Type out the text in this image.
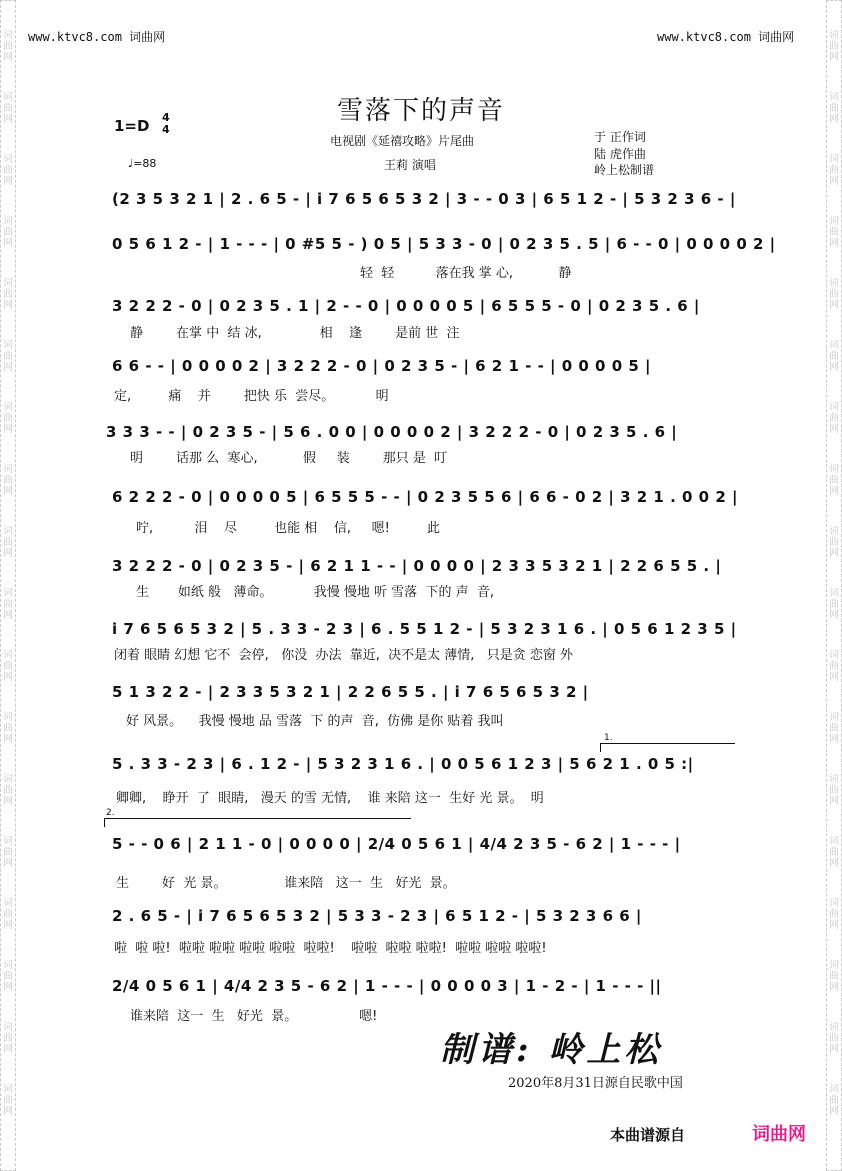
词
曲
网
词
曲
网
词
曲
网
词
曲
网
词
曲
网
词
曲
网
词
曲
网
词
曲
网
词
曲
网
词
曲
网
词
曲
网
词
曲
网
词
曲
网
词
曲
网
词
曲
网
词
曲
网
词
曲
网
词
曲
网
词
曲
网
词
曲
网
词
曲
网
词
曲
网
词
曲
网
词
曲
网
词
曲
网
词
曲
网
词
曲
网
词
曲
网
词
曲
网
词
曲
网
词
曲
网
词
曲
网
词
曲
网
词
曲
网
词
曲
网
词
曲
网
www.ktvc8.com 词曲网	www.ktvc8.com 词曲网
雪落下的声音
1=D 4
4
♩=88
电视剧《延禧攻略》片尾曲
王莉 演唱
于 正作词
陆 虎作曲
岭上松制谱
(2 3 5 3 2 1 | 2 . 6 5 - | i 7 6 5 6 5 3 2 | 3 - - 0 3 | 6 5 1 2 - | 5 3 2 3 6 - |
0 5 6 1 2 - | 1 - - - | 0 #5 5 - ) 0 5 | 5 3 3 - 0 | 0 2 3 5 . 5 | 6 - - 0 | 0 0 0 0 2 |
轻  轻          落在我 掌 心,           静
3 2 2 2 - 0 | 0 2 3 5 . 1 | 2 - - 0 | 0 0 0 0 5 | 6 5 5 5 - 0 | 0 2 3 5 . 6 |
静        在掌 中  结 冰,              相    逢        是前 世  注
6 6 - - | 0 0 0 0 2 | 3 2 2 2 - 0 | 0 2 3 5 - | 6 2 1 - - | 0 0 0 0 5 |
定,         痛    并        把快 乐  尝尽。          明
3 3 3 - - | 0 2 3 5 - | 5 6 . 0 0 | 0 0 0 0 2 | 3 2 2 2 - 0 | 0 2 3 5 . 6 |
明        话那 么  寒心,           假     装        那只 是  叮
6 2 2 2 - 0 | 0 0 0 0 5 | 6 5 5 5 - - | 0 2 3 5 5 6 | 6 6 - 0 2 | 3 2 1 . 0 0 2 |
咛,          泪    尽         也能 相    信,     嗯!         此
3 2 2 2 - 0 | 0 2 3 5 - | 6 2 1 1 - - | 0 0 0 0 | 2 3 3 5 3 2 1 | 2 2 6 5 5 . |
生       如纸 般   薄命。          我慢 慢地 听 雪落  下的 声  音,
i 7 6 5 6 5 3 2 | 5 . 3 3 - 2 3 | 6 . 5 5 1 2 - | 5 3 2 3 1 6 . | 0 5 6 1 2 3 5 |
闭着 眼睛 幻想 它不  会停,   你没  办法  靠近,  决不是太 薄情,   只是贪 恋窗 外
5 1 3 2 2 - | 2 3 3 5 3 2 1 | 2 2 6 5 5 . | i 7 6 5 6 5 3 2 |
好 风景。    我慢 慢地 品 雪落  下 的声  音,  仿佛 是你 贴着 我叫
1.
5 . 3 3 - 2 3 | 6 . 1 2 - | 5 3 2 3 1 6 . | 0 0 5 6 1 2 3 | 5 6 2 1 . 0 5 :|
卿卿,    睁开  了  眼睛,   漫天 的雪 无情,    谁 来陪 这一  生好 光 景。  明
2.
5 - - 0 6 | 2 1 1 - 0 | 0 0 0 0 | 2/4 0 5 6 1 | 4/4 2 3 5 - 6 2 | 1 - - - |
生        好  光 景。              谁来陪   这一  生   好光  景。
2 . 6 5 - | i 7 6 5 6 5 3 2 | 5 3 3 - 2 3 | 6 5 1 2 - | 5 3 2 3 6 6 |
啦  啦 啦!  啦啦 啦啦 啦啦 啦啦  啦啦!    啦啦  啦啦 啦啦!  啦啦 啦啦 啦啦!
2/4 0 5 6 1 | 4/4 2 3 5 - 6 2 | 1 - - - | 0 0 0 0 3 | 1 - 2 - | 1 - - - ||
谁来陪  这一  生   好光  景。               嗯!
制谱: 岭上松
2020年8月31日源自民歌中国
本曲谱源自	词曲网
